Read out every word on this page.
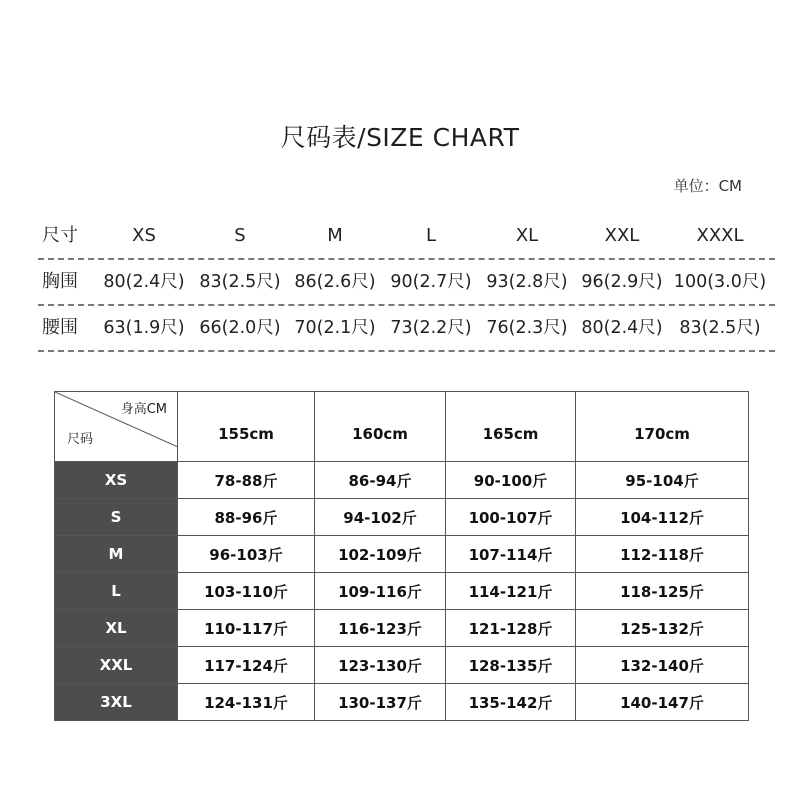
尺码表/SIZE CHART
单位：CM
尺寸	XS	S	M	L	XL	XXL	XXXL
胸围 80(2.4尺) 83(2.5尺) 86(2.6尺) 90(2.7尺) 93(2.8尺) 96(2.9尺) 100(3.0尺)
腰围 63(1.9尺) 66(2.0尺) 70(2.1尺) 73(2.2尺) 76(2.3尺) 80(2.4尺) 83(2.5尺)
身高CM
尺码	155cm	160cm	165cm	170cm
XS	78-88斤	86-94斤	90-100斤	95-104斤
S	88-96斤	94-102斤	100-107斤	104-112斤
M	96-103斤	102-109斤	107-114斤	112-118斤
L	103-110斤	109-116斤	114-121斤	118-125斤
XL	110-117斤	116-123斤	121-128斤	125-132斤
XXL	117-124斤	123-130斤	128-135斤	132-140斤
3XL	124-131斤	130-137斤	135-142斤	140-147斤
